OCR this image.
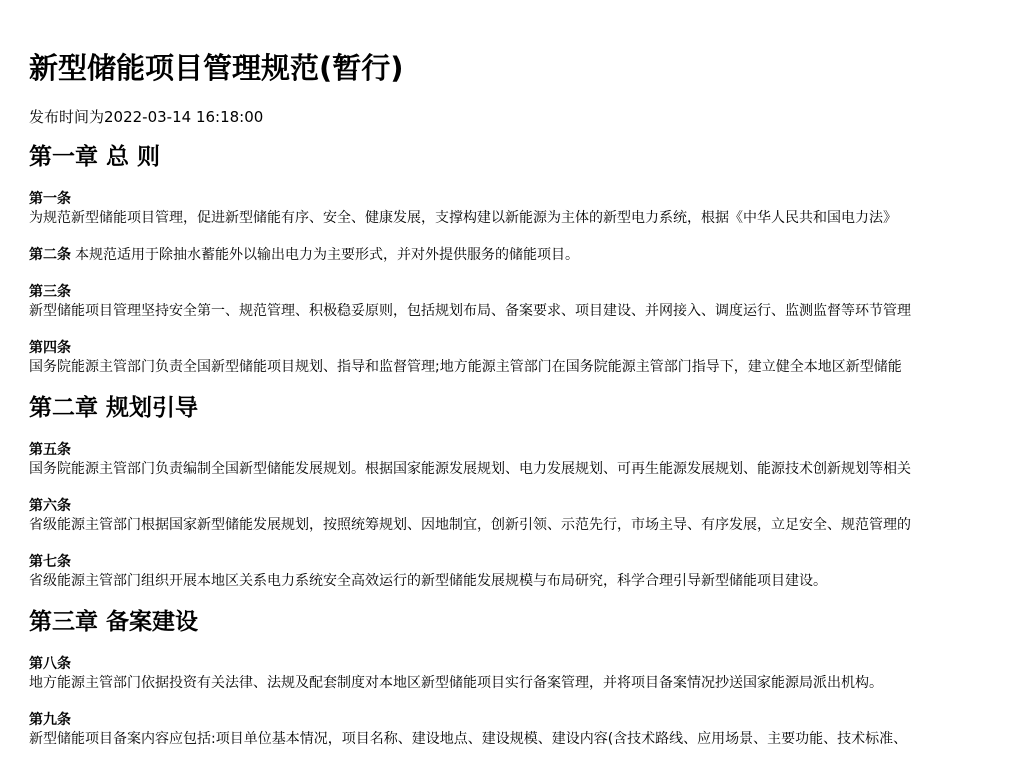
新型储能项目管理规范(暂行)
发布时间为2022-03-14 16:18:00
第一章 总 则
第一条
为规范新型储能项目管理，促进新型储能有序、安全、健康发展，支撑构建以新能源为主体的新型电力系统，根据《中华人民共和国电力法》
第二条 本规范适用于除抽水蓄能外以输出电力为主要形式，并对外提供服务的储能项目。
第三条
新型储能项目管理坚持安全第一、规范管理、积极稳妥原则，包括规划布局、备案要求、项目建设、并网接入、调度运行、监测监督等环节管理
第四条
国务院能源主管部门负责全国新型储能项目规划、指导和监督管理;地方能源主管部门在国务院能源主管部门指导下，建立健全本地区新型储能
第二章 规划引导
第五条
国务院能源主管部门负责编制全国新型储能发展规划。根据国家能源发展规划、电力发展规划、可再生能源发展规划、能源技术创新规划等相关
第六条
省级能源主管部门根据国家新型储能发展规划，按照统筹规划、因地制宜，创新引领、示范先行，市场主导、有序发展，立足安全、规范管理的
第七条
省级能源主管部门组织开展本地区关系电力系统安全高效运行的新型储能发展规模与布局研究，科学合理引导新型储能项目建设。
第三章 备案建设
第八条
地方能源主管部门依据投资有关法律、法规及配套制度对本地区新型储能项目实行备案管理，并将项目备案情况抄送国家能源局派出机构。
第九条
新型储能项目备案内容应包括:项目单位基本情况，项目名称、建设地点、建设规模、建设内容(含技术路线、应用场景、主要功能、技术标准、
